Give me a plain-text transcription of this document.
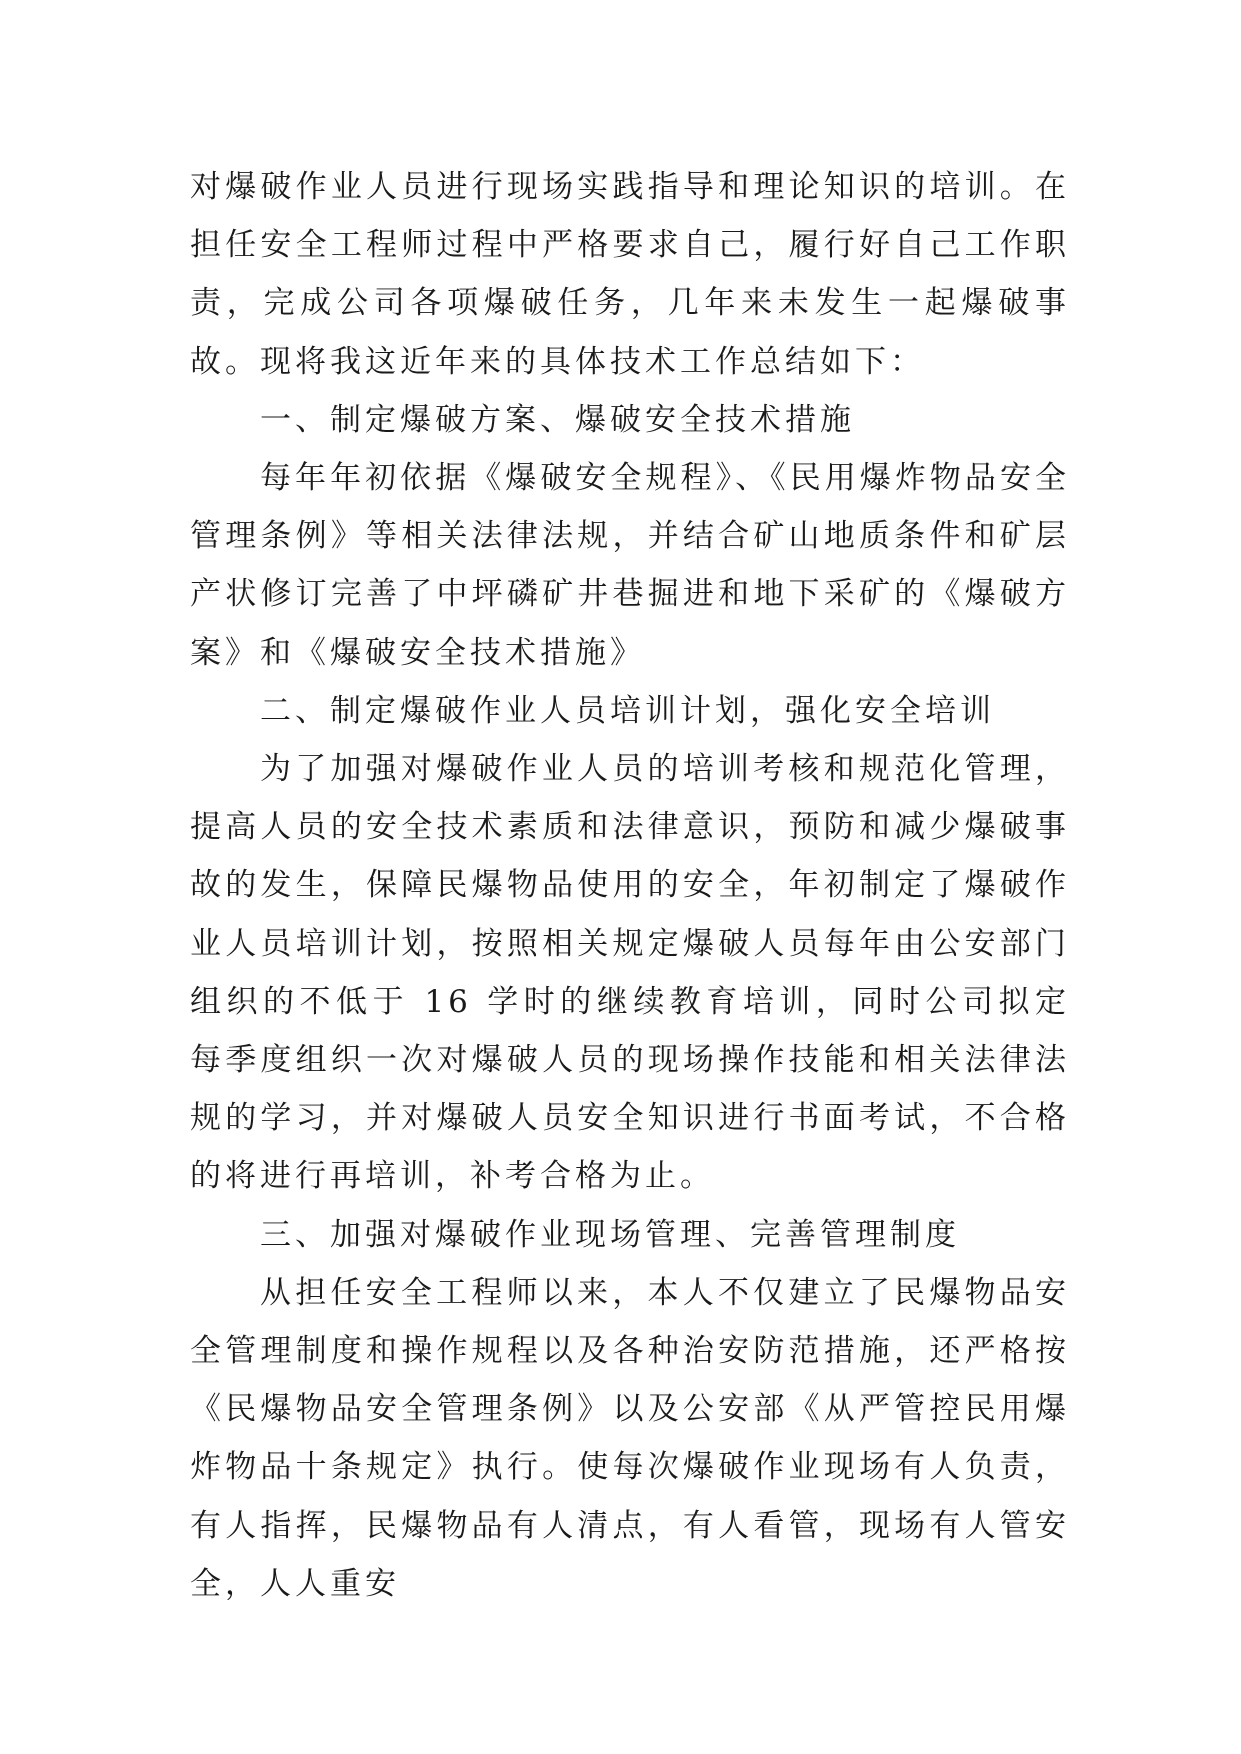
对爆破作业人员进行现场实践指导和理论知识的培训。在担任安全工程师过程中严格要求自己，履行好自己工作职责，完成公司各项爆破任务，几年来未发生一起爆破事故。现将我这近年来的具体技术工作总结如下：

一、制定爆破方案、爆破安全技术措施

每年年初依据《爆破安全规程》、《民用爆炸物品安全管理条例》等相关法律法规，并结合矿山地质条件和矿层产状修订完善了中坪磷矿井巷掘进和地下采矿的《爆破方案》和《爆破安全技术措施》

二、制定爆破作业人员培训计划，强化安全培训

为了加强对爆破作业人员的培训考核和规范化管理，提高人员的安全技术素质和法律意识，预防和减少爆破事故的发生，保障民爆物品使用的安全，年初制定了爆破作业人员培训计划，按照相关规定爆破人员每年由公安部门组织的不低于 16 学时的继续教育培训，同时公司拟定每季度组织一次对爆破人员的现场操作技能和相关法律法规的学习，并对爆破人员安全知识进行书面考试，不合格的将进行再培训，补考合格为止。

三、加强对爆破作业现场管理、完善管理制度

从担任安全工程师以来，本人不仅建立了民爆物品安全管理制度和操作规程以及各种治安防范措施，还严格按《民爆物品安全管理条例》以及公安部《从严管控民用爆炸物品十条规定》执行。使每次爆破作业现场有人负责，有人指挥，民爆物品有人清点，有人看管，现场有人管安全，人人重安
